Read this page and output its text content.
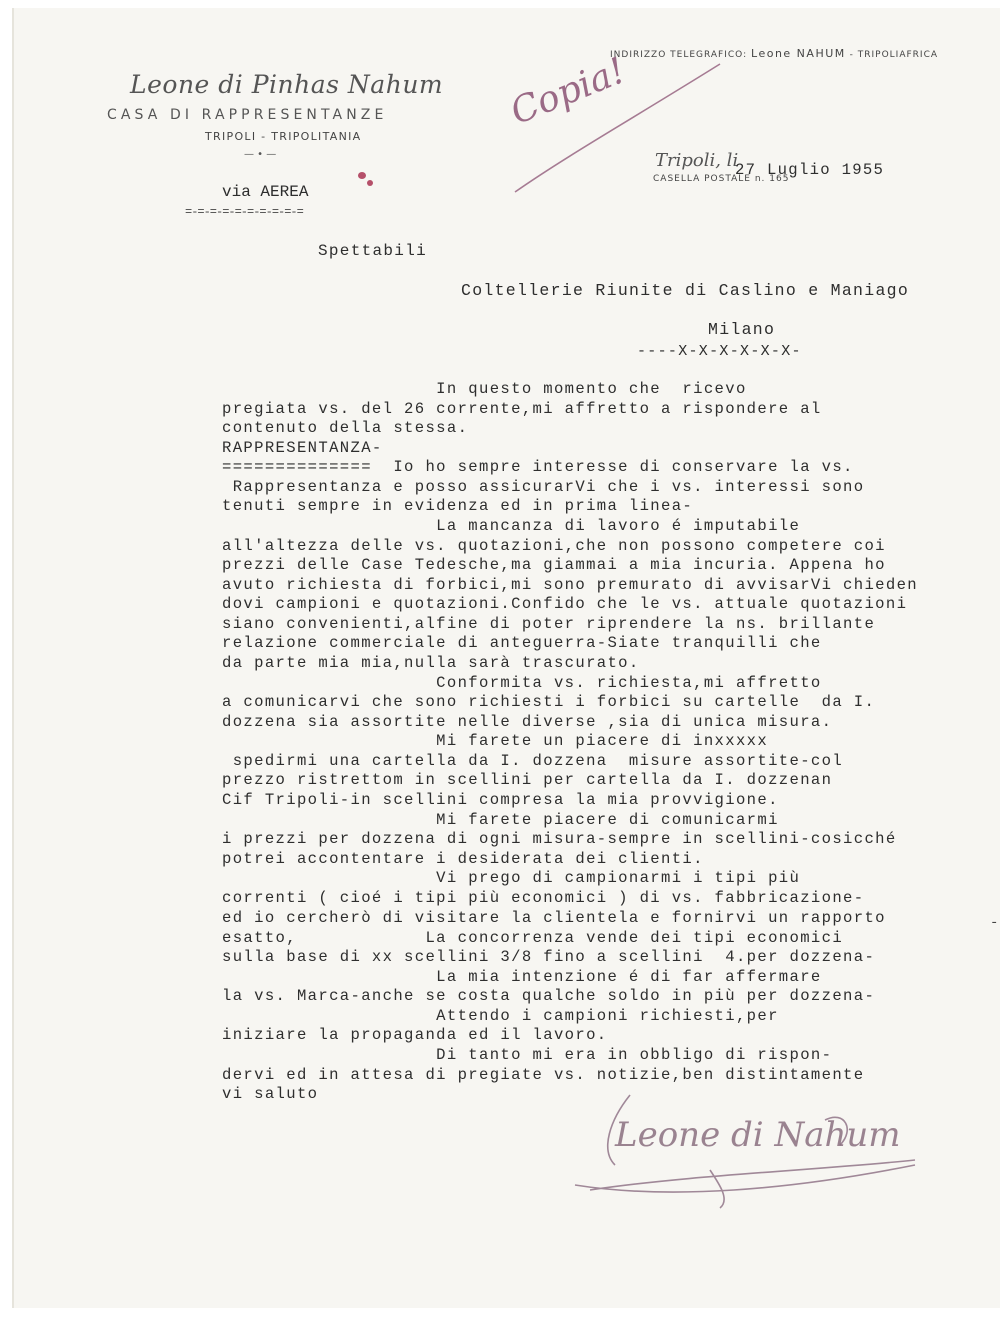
Leone di Pinhas Nahum
CASA DI RAPPRESENTANZE
TRIPOLI - TRIPOLITANIA
— • —
INDIRIZZO TELEGRAFICO: Leone NAHUM - TRIPOLIAFRICA
Copia!
Tripoli, li
27 Luglio 1955
CASELLA POSTALE n. 165
via AEREA
=-=-=-=-=-=-=-=-=-=
Spettabili
Coltellerie Riunite di Caslino e Maniago
Milano
----X-X-X-X-X-X-
In questo momento che  ricevo
pregiata vs. del 26 corrente,mi affretto a rispondere al
contenuto della stessa.
RAPPRESENTANZA-
==============  Io ho sempre interesse di conservare la vs.
Rappresentanza e posso assicurarVi che i vs. interessi sono
tenuti sempre in evidenza ed in prima linea-
La mancanza di lavoro é imputabile
all'altezza delle vs. quotazioni,che non possono competere coi
prezzi delle Case Tedesche,ma giammai a mia incuria. Appena ho
avuto richiesta di forbici,mi sono premurato di avvisarVi chieden
dovi campioni e quotazioni.Confido che le vs. attuale quotazioni
siano convenienti,alfine di poter riprendere la ns. brillante
relazione commerciale di anteguerra-Siate tranquilli che
da parte mia mia,nulla sarà trascurato.
Conformita vs. richiesta,mi affretto
a comunicarvi che sono richiesti i forbici su cartelle  da I.
dozzena sia assortite nelle diverse ,sia di unica misura.
Mi farete un piacere di inxxxxx
spedirmi una cartella da I. dozzena  misure assortite-col
prezzo ristrettom in scellini per cartella da I. dozzenan
Cif Tripoli-in scellini compresa la mia provvigione.
Mi farete piacere di comunicarmi
i prezzi per dozzena di ogni misura-sempre in scellini-cosicché
potrei accontentare i desiderata dei clienti.
Vi prego di campionarmi i tipi più
correnti ( cioé i tipi più economici ) di vs. fabbricazione-
ed io cercherò di visitare la clientela e fornirvi un rapporto
esatto,            La concorrenza vende dei tipi economici
sulla base di xx scellini 3/8 fino a scellini  4.per dozzena-
La mia intenzione é di far affermare
la vs. Marca-anche se costa qualche soldo in più per dozzena-
Attendo i campioni richiesti,per
iniziare la propaganda ed il lavoro.
Di tanto mi era in obbligo di rispon-
dervi ed in attesa di pregiate vs. notizie,ben distintamente
vi saluto
-
Leone di Nahum
